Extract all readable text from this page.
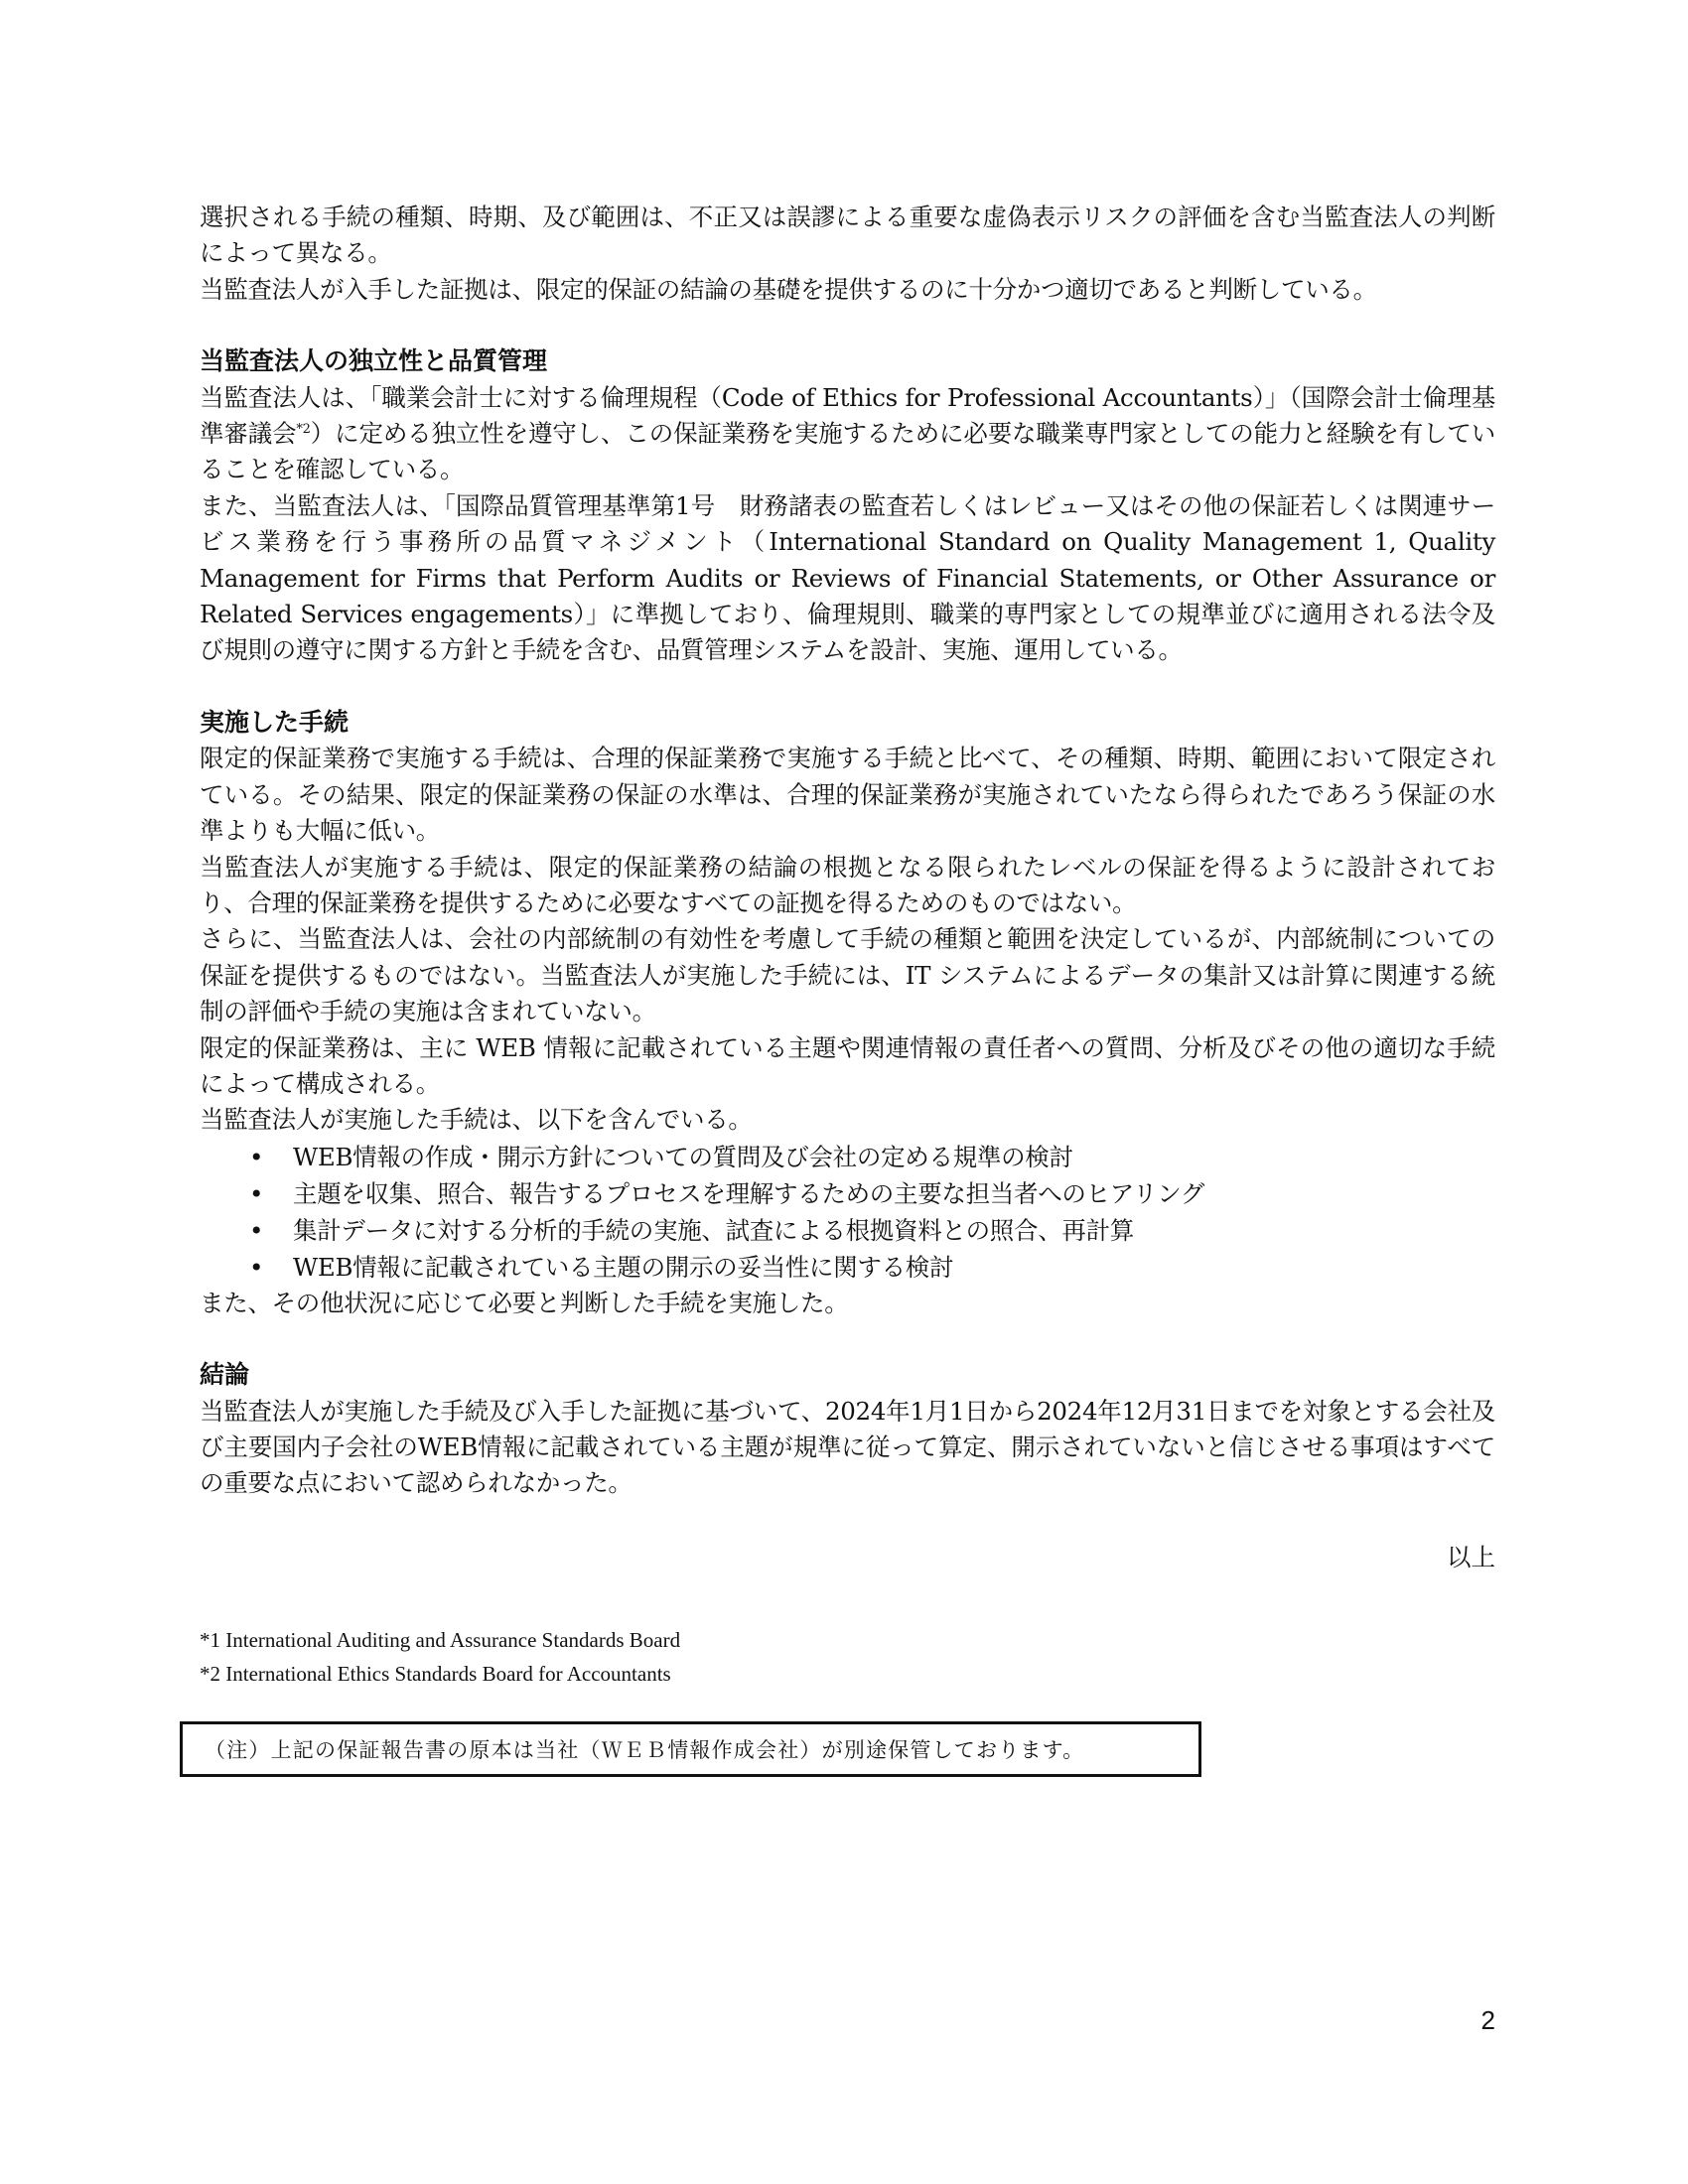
選択される手続の種類、時期、及び範囲は、不正又は誤謬による重要な虚偽表示リスクの評価を含む当監査法人の判断によって異なる。

当監査法人が入手した証拠は、限定的保証の結論の基礎を提供するのに十分かつ適切であると判断している。

当監査法人の独立性と品質管理

当監査法人は、「職業会計士に対する倫理規程（Code of Ethics for Professional Accountants）」（国際会計士倫理基準審議会$^{*2}$）に定める独立性を遵守し、この保証業務を実施するために必要な職業専門家としての能力と経験を有していることを確認している。

また、当監査法人は、「国際品質管理基準第1号　財務諸表の監査若しくはレビュー又はその他の保証若しくは関連サービス業務を行う事務所の品質マネジメント（International Standard on Quality Management 1, Quality Management for Firms that Perform Audits or Reviews of Financial Statements, or Other Assurance or Related Services engagements）」に準拠しており、倫理規則、職業的専門家としての規準並びに適用される法令及び規則の遵守に関する方針と手続を含む、品質管理システムを設計、実施、運用している。

実施した手続

限定的保証業務で実施する手続は、合理的保証業務で実施する手続と比べて、その種類、時期、範囲において限定されている。その結果、限定的保証業務の保証の水準は、合理的保証業務が実施されていたなら得られたであろう保証の水準よりも大幅に低い。

当監査法人が実施する手続は、限定的保証業務の結論の根拠となる限られたレベルの保証を得るように設計されており、合理的保証業務を提供するために必要なすべての証拠を得るためのものではない。

さらに、当監査法人は、会社の内部統制の有効性を考慮して手続の種類と範囲を決定しているが、内部統制についての保証を提供するものではない。当監査法人が実施した手続には、IT システムによるデータの集計又は計算に関連する統制の評価や手続の実施は含まれていない。

限定的保証業務は、主に WEB 情報に記載されている主題や関連情報の責任者への質問、分析及びその他の適切な手続によって構成される。

当監査法人が実施した手続は、以下を含んでいる。

• WEB情報の作成・開示方針についての質問及び会社の定める規準の検討
• 主題を収集、照合、報告するプロセスを理解するための主要な担当者へのヒアリング
• 集計データに対する分析的手続の実施、試査による根拠資料との照合、再計算
• WEB情報に記載されている主題の開示の妥当性に関する検討

また、その他状況に応じて必要と判断した手続を実施した。

結論

当監査法人が実施した手続及び入手した証拠に基づいて、2024年1月1日から2024年12月31日までを対象とする会社及び主要国内子会社のWEB情報に記載されている主題が規準に従って算定、開示されていないと信じさせる事項はすべての重要な点において認められなかった。

以上

*1 International Auditing and Assurance Standards Board

*2 International Ethics Standards Board for Accountants

（注）上記の保証報告書の原本は当社（ＷＥＢ情報作成会社）が別途保管しております。
2
